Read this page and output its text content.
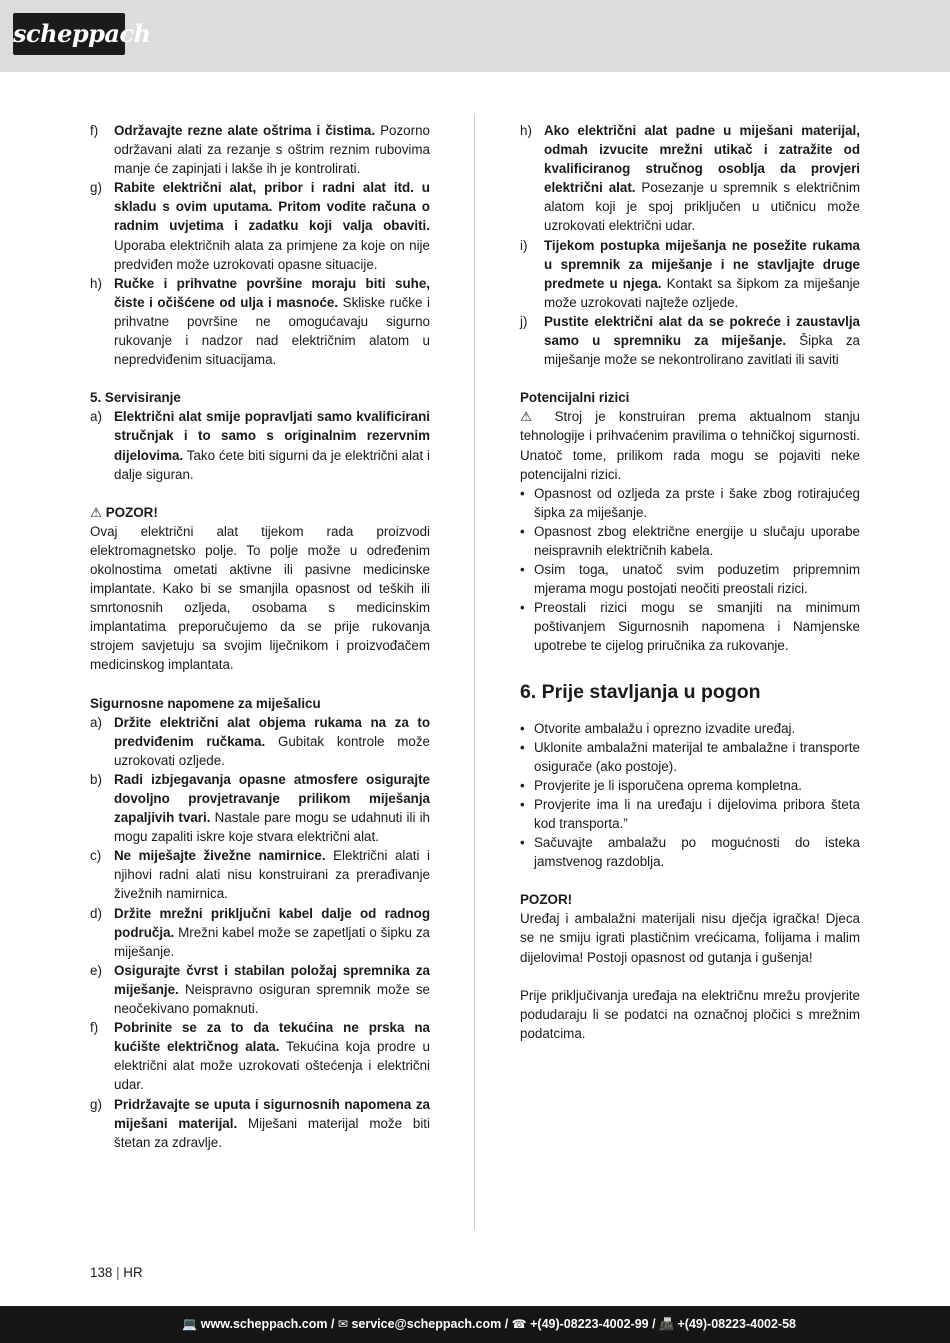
scheppach
f) Održavajte rezne alate oštrima i čistima. Pozorno održavani alati za rezanje s oštrim reznim rubovima manje će zapinjati i lakše ih je kontrolirati.
g) Rabite električni alat, pribor i radni alat itd. u skladu s ovim uputama. Pritom vodite računa o radnim uvjetima i zadatku koji valja obaviti. Uporaba električnih alata za primjene za koje on nije predviđen može uzrokovati opasne situacije.
h) Ručke i prihvatne površine moraju biti suhe, čiste i očišćene od ulja i masnoće. Skliske ručke i prihvatne površine ne omogućavaju sigurno rukovanje i nadzor nad električnim alatom u nepredviđenim situacijama.
5. Servisiranje
a) Električni alat smije popravljati samo kvalificirani stručnjak i to samo s originalnim rezervnim dijelovima. Tako ćete biti sigurni da je električni alat i dalje siguran.
⚠ POZOR!
Ovaj električni alat tijekom rada proizvodi elektromagnetsko polje. To polje može u određenim okolnostima ometati aktivne ili pasivne medicinske implantate. Kako bi se smanjila opasnost od teških ili smrtonosnih ozljeda, osobama s medicinskim implantatima preporučujemo da se prije rukovanja strojem savjetuju sa svojim liječnikom i proizvođačem medicinskog implantata.
Sigurnosne napomene za miješalicu
a) Držite električni alat objema rukama na za to predviđenim ručkama. Gubitak kontrole može uzrokovati ozljede.
b) Radi izbjegavanja opasne atmosfere osigurajte dovoljno provjetravanje prilikom miješanja zapaljivih tvari. Nastale pare mogu se udahnuti ili ih mogu zapaliti iskre koje stvara električni alat.
c) Ne miješajte živežne namirnice. Električni alati i njihovi radni alati nisu konstruirani za prerađivanje živežnih namirnica.
d) Držite mrežni priključni kabel dalje od radnog područja. Mrežni kabel može se zapetljati o šipku za miješanje.
e) Osigurajte čvrst i stabilan položaj spremnika za miješanje. Neispravno osiguran spremnik može se neočekivano pomaknuti.
f) Pobrinite se za to da tekućina ne prska na kućište električnog alata. Tekućina koja prodre u električni alat može uzrokovati oštećenja i električni udar.
g) Pridržavajte se uputa i sigurnosnih napomena za miješani materijal. Miješani materijal može biti štetan za zdravlje.
h) Ako električni alat padne u miješani materijal, odmah izvucite mrežni utikač i zatražite od kvalificiranog stručnog osoblja da provjeri električni alat. Posezanje u spremnik s električnim alatom koji je spoj priključen u utičnicu može uzrokovati električni udar.
i) Tijekom postupka miješanja ne posežite rukama u spremnik za miješanje i ne stavljajte druge predmete u njega. Kontakt sa šipkom za miješanje može uzrokovati najteže ozljede.
j) Pustite električni alat da se pokreće i zaustavlja samo u spremniku za miješanje. Šipka za miješanje može se nekontrolirano zavitlati ili saviti
Potencijalni rizici
⚠ Stroj je konstruiran prema aktualnom stanju tehnologije i prihvaćenim pravilima o tehničkoj sigurnosti. Unatoč tome, prilikom rada mogu se pojaviti neke potencijalni rizici.
• Opasnost od ozljeda za prste i šake zbog rotirajućeg šipka za miješanje.
• Opasnost zbog električne energije u slučaju uporabe neispravnih električnih kabela.
• Osim toga, unatoč svim poduzetim pripremnim mjerama mogu postojati neočiti preostali rizici.
• Preostali rizici mogu se smanjiti na minimum poštivanjem Sigurnosnih napomena i Namjenske upotrebe te cijelog priručnika za rukovanje.
6. Prije stavljanja u pogon
• Otvorite ambalažu i oprezno izvadite uređaj.
• Uklonite ambalažni materijal te ambalažne i transporte osigurače (ako postoje).
• Provjerite je li isporučena oprema kompletna.
• Provjerite ima li na uređaju i dijelovima pribora šteta kod transporta.”
• Sačuvajte ambalažu po mogućnosti do isteka jamstvenog razdoblja.
POZOR!
Uređaj i ambalažni materijali nisu dječja igračka! Djeca se ne smiju igrati plastičnim vrećicama, folijama i malim dijelovima! Postoji opasnost od gutanja i gušenja!
Prije priključivanja uređaja na električnu mrežu provjerite podudaraju li se podatci na označnoj pločici s mrežnim podatcima.
138 | HR
💻 www.scheppach.com / ✉ service@scheppach.com / ☎ +(49)-08223-4002-99 / 📠 +(49)-08223-4002-58
